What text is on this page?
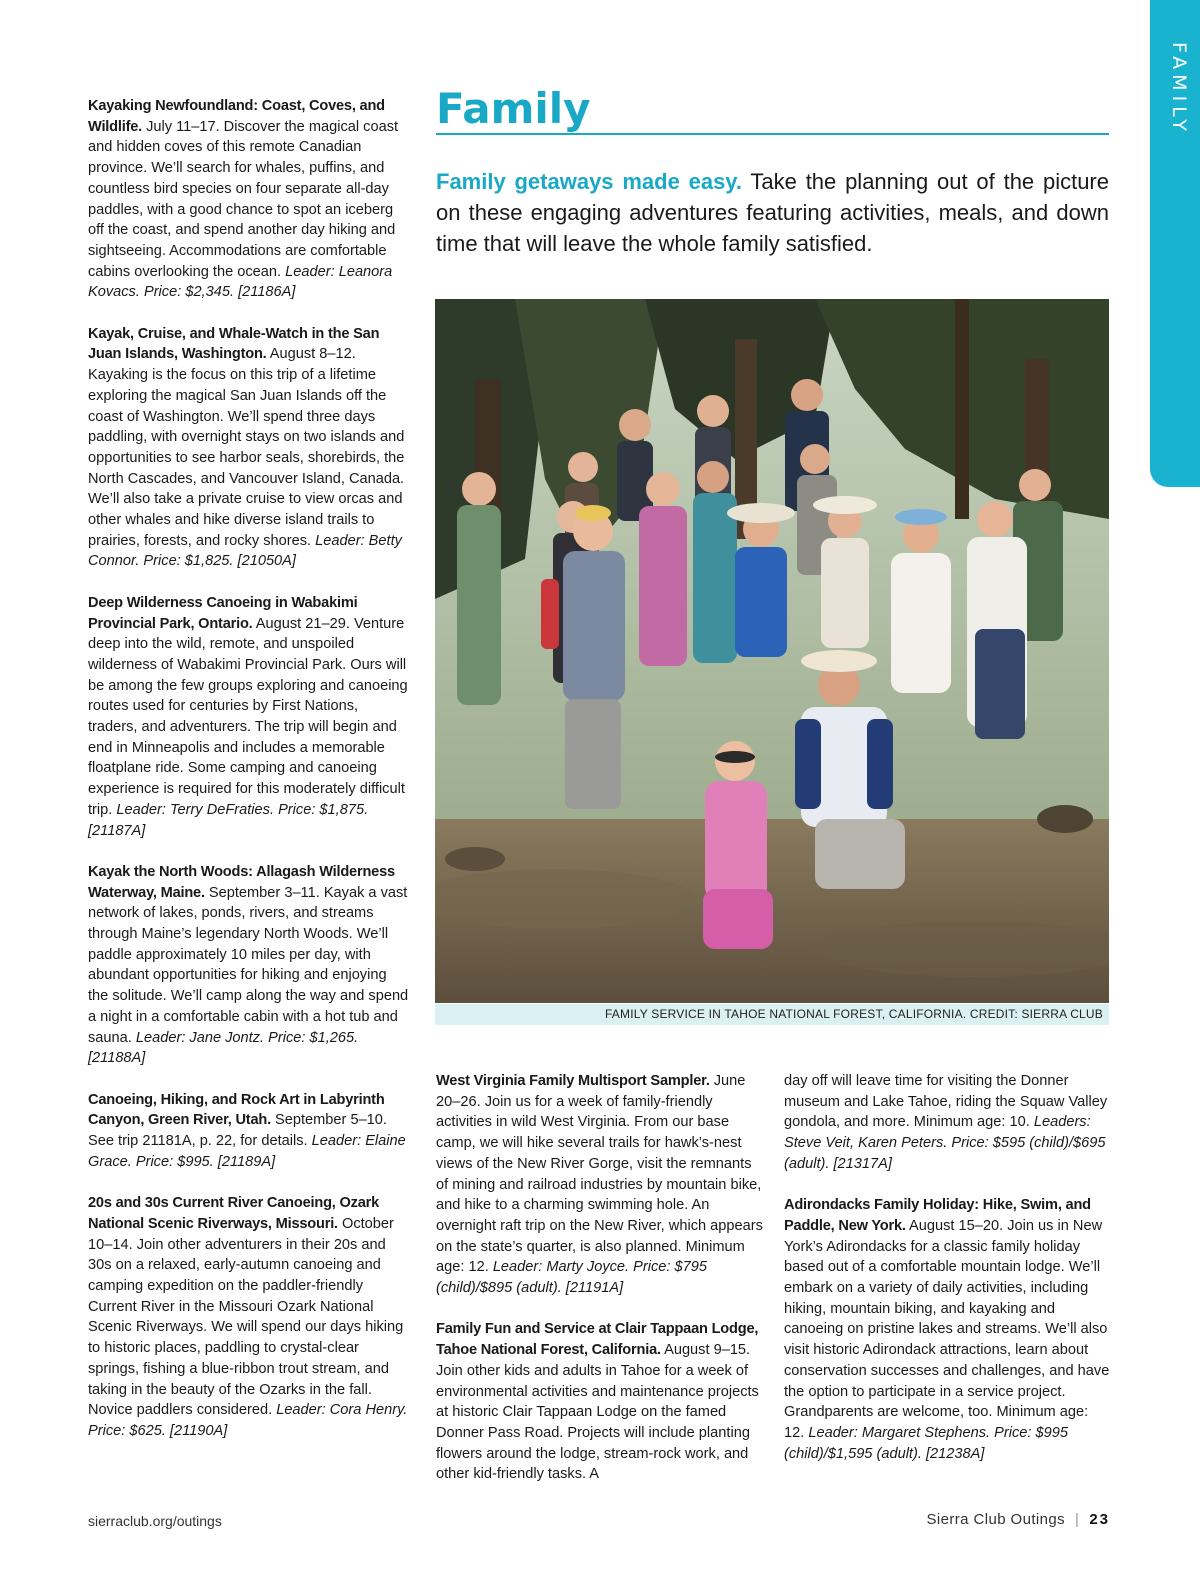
FAMILY

Kayaking Newfoundland: Coast, Coves, and Wildlife. July 11–17. Discover the magical coast and hidden coves of this remote Canadian province. We’ll search for whales, puffins, and countless bird species on four separate all-day paddles, with a good chance to spot an iceberg off the coast, and spend another day hiking and sightseeing. Accommodations are comfortable cabins overlooking the ocean. Leader: Leanora Kovacs. Price: $2,345. [21186A]

Kayak, Cruise, and Whale-Watch in the San Juan Islands, Washington. August 8–12. Kayaking is the focus on this trip of a lifetime exploring the magical San Juan Islands off the coast of Washington. We’ll spend three days paddling, with overnight stays on two islands and opportunities to see harbor seals, shorebirds, the North Cascades, and Vancouver Island, Canada. We’ll also take a private cruise to view orcas and other whales and hike diverse island trails to prairies, forests, and rocky shores. Leader: Betty Connor. Price: $1,825. [21050A]

Deep Wilderness Canoeing in Wabakimi Provincial Park, Ontario. August 21–29. Venture deep into the wild, remote, and unspoiled wilderness of Wabakimi Provincial Park. Ours will be among the few groups exploring and canoeing routes used for centuries by First Nations, traders, and adventurers. The trip will begin and end in Minneapolis and includes a memorable floatplane ride. Some camping and canoeing experience is required for this moderately difficult trip. Leader: Terry DeFraties. Price: $1,875. [21187A]

Kayak the North Woods: Allagash Wilderness Waterway, Maine. September 3–11. Kayak a vast network of lakes, ponds, rivers, and streams through Maine’s legendary North Woods. We’ll paddle approximately 10 miles per day, with abundant opportunities for hiking and enjoying the solitude. We’ll camp along the way and spend a night in a comfortable cabin with a hot tub and sauna. Leader: Jane Jontz. Price: $1,265. [21188A]

Canoeing, Hiking, and Rock Art in Labyrinth Canyon, Green River, Utah. September 5–10. See trip 21181A, p. 22, for details. Leader: Elaine Grace. Price: $995. [21189A]

20s and 30s Current River Canoeing, Ozark National Scenic Riverways, Missouri. October 10–14. Join other adventurers in their 20s and 30s on a relaxed, early-autumn canoeing and camping expedition on the paddler-friendly Current River in the Missouri Ozark National Scenic Riverways. We will spend our days hiking to historic places, paddling to crystal-clear springs, fishing a blue-ribbon trout stream, and taking in the beauty of the Ozarks in the fall. Novice paddlers considered. Leader: Cora Henry. Price: $625. [21190A]

Family

Family getaways made easy. Take the planning out of the picture on these engaging adventures featuring activities, meals, and down time that will leave the whole family satisfied.

FAMILY SERVICE IN TAHOE NATIONAL FOREST, CALIFORNIA. CREDIT: SIERRA CLUB

West Virginia Family Multisport Sampler. June 20–26. Join us for a week of family-friendly activities in wild West Virginia. From our base camp, we will hike several trails for hawk’s-nest views of the New River Gorge, visit the remnants of mining and railroad industries by mountain bike, and hike to a charming swimming hole. An overnight raft trip on the New River, which appears on the state’s quarter, is also planned. Minimum age: 12. Leader: Marty Joyce. Price: $795 (child)/$895 (adult). [21191A]

Family Fun and Service at Clair Tappaan Lodge, Tahoe National Forest, California. August 9–15. Join other kids and adults in Tahoe for a week of environmental activities and maintenance projects at historic Clair Tappaan Lodge on the famed Donner Pass Road. Projects will include planting flowers around the lodge, stream-rock work, and other kid-friendly tasks. A

day off will leave time for visiting the Donner museum and Lake Tahoe, riding the Squaw Valley gondola, and more. Minimum age: 10. Leaders: Steve Veit, Karen Peters. Price: $595 (child)/$695 (adult). [21317A]

Adirondacks Family Holiday: Hike, Swim, and Paddle, New York. August 15–20. Join us in New York’s Adirondacks for a classic family holiday based out of a comfortable mountain lodge. We’ll embark on a variety of daily activities, including hiking, mountain biking, and kayaking and canoeing on pristine lakes and streams. We’ll also visit historic Adirondack attractions, learn about conservation successes and challenges, and have the option to participate in a service project. Grandparents are welcome, too. Minimum age: 12. Leader: Margaret Stephens. Price: $995 (child)/$1,595 (adult). [21238A]

sierraclub.org/outings	Sierra Club Outings | 23
